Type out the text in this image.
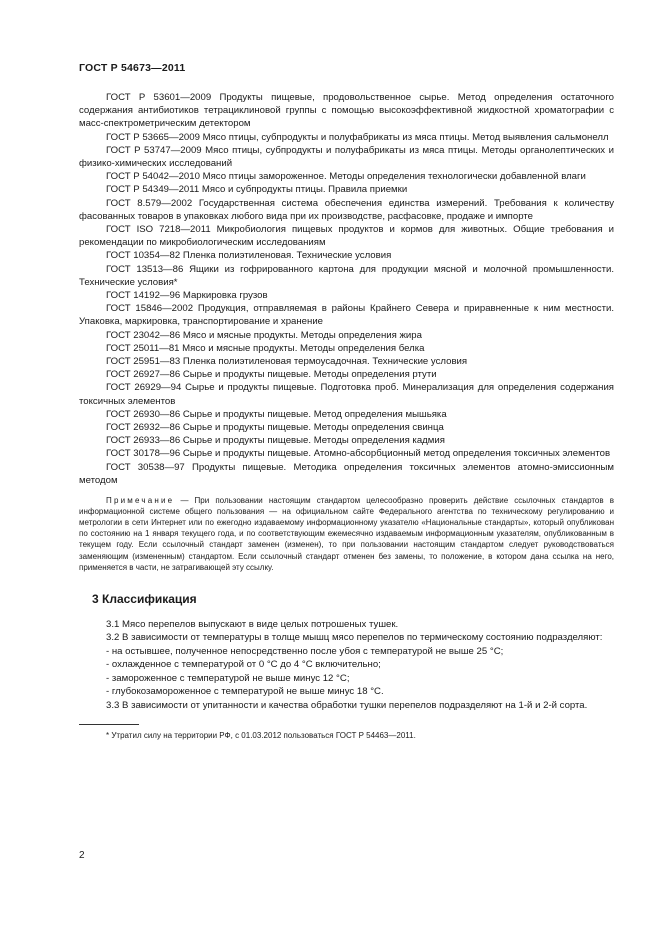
ГОСТ Р 54673—2011

ГОСТ Р 53601—2009 Продукты пищевые, продовольственное сырье. Метод определения остаточного содержания антибиотиков тетрациклиновой группы с помощью высокоэффективной жидкостной хроматографии с масс-спектрометрическим детектором

ГОСТ Р 53665—2009 Мясо птицы, субпродукты и полуфабрикаты из мяса птицы. Метод выявления сальмонелл

ГОСТ Р 53747—2009 Мясо птицы, субпродукты и полуфабрикаты из мяса птицы. Методы органолептических и физико-химических исследований

ГОСТ Р 54042—2010 Мясо птицы замороженное. Методы определения технологически добавленной влаги

ГОСТ Р 54349—2011 Мясо и субпродукты птицы. Правила приемки

ГОСТ 8.579—2002 Государственная система обеспечения единства измерений. Требования к количеству фасованных товаров в упаковках любого вида при их производстве, расфасовке, продаже и импорте

ГОСТ ISO 7218—2011 Микробиология пищевых продуктов и кормов для животных. Общие требования и рекомендации по микробиологическим исследованиям

ГОСТ 10354—82 Пленка полиэтиленовая. Технические условия

ГОСТ 13513—86 Ящики из гофрированного картона для продукции мясной и молочной промышленности. Технические условия*

ГОСТ 14192—96 Маркировка грузов

ГОСТ 15846—2002 Продукция, отправляемая в районы Крайнего Севера и приравненные к ним местности. Упаковка, маркировка, транспортирование и хранение

ГОСТ 23042—86 Мясо и мясные продукты. Методы определения жира

ГОСТ 25011—81 Мясо и мясные продукты. Методы определения белка

ГОСТ 25951—83 Пленка полиэтиленовая термоусадочная. Технические условия

ГОСТ 26927—86 Сырье и продукты пищевые. Методы определения ртути

ГОСТ 26929—94 Сырье и продукты пищевые. Подготовка проб. Минерализация для определения содержания токсичных элементов

ГОСТ 26930—86 Сырье и продукты пищевые. Метод определения мышьяка

ГОСТ 26932—86 Сырье и продукты пищевые. Методы определения свинца

ГОСТ 26933—86 Сырье и продукты пищевые. Методы определения кадмия

ГОСТ 30178—96 Сырье и продукты пищевые. Атомно-абсорбционный метод определения токсичных элементов

ГОСТ 30538—97 Продукты пищевые. Методика определения токсичных элементов атомно-эмиссионным методом

Примечание — При пользовании настоящим стандартом целесообразно проверить действие ссылочных стандартов в информационной системе общего пользования — на официальном сайте Федерального агентства по техническому регулированию и метрологии в сети Интернет или по ежегодно издаваемому информационному указателю «Национальные стандарты», который опубликован по состоянию на 1 января текущего года, и по соответствующим ежемесячно издаваемым информационным указателям, опубликованным в текущем году. Если ссылочный стандарт заменен (изменен), то при пользовании настоящим стандартом следует руководствоваться заменяющим (измененным) стандартом. Если ссылочный стандарт отменен без замены, то положение, в котором дана ссылка на него, применяется в части, не затрагивающей эту ссылку.

3 Классификация

3.1 Мясо перепелов выпускают в виде целых потрошеных тушек.

3.2 В зависимости от температуры в толще мышц мясо перепелов по термическому состоянию подразделяют:

- на остывшее, полученное непосредственно после убоя с температурой не выше 25 °С;

- охлажденное с температурой от 0 °С до 4 °С включительно;

- замороженное с температурой не выше минус 12 °С;

- глубокозамороженное с температурой не выше минус 18 °С.

3.3 В зависимости от упитанности и качества обработки тушки перепелов подразделяют на 1-й и 2-й сорта.

* Утратил силу на территории РФ, с 01.03.2012 пользоваться ГОСТ Р 54463—2011.

2
